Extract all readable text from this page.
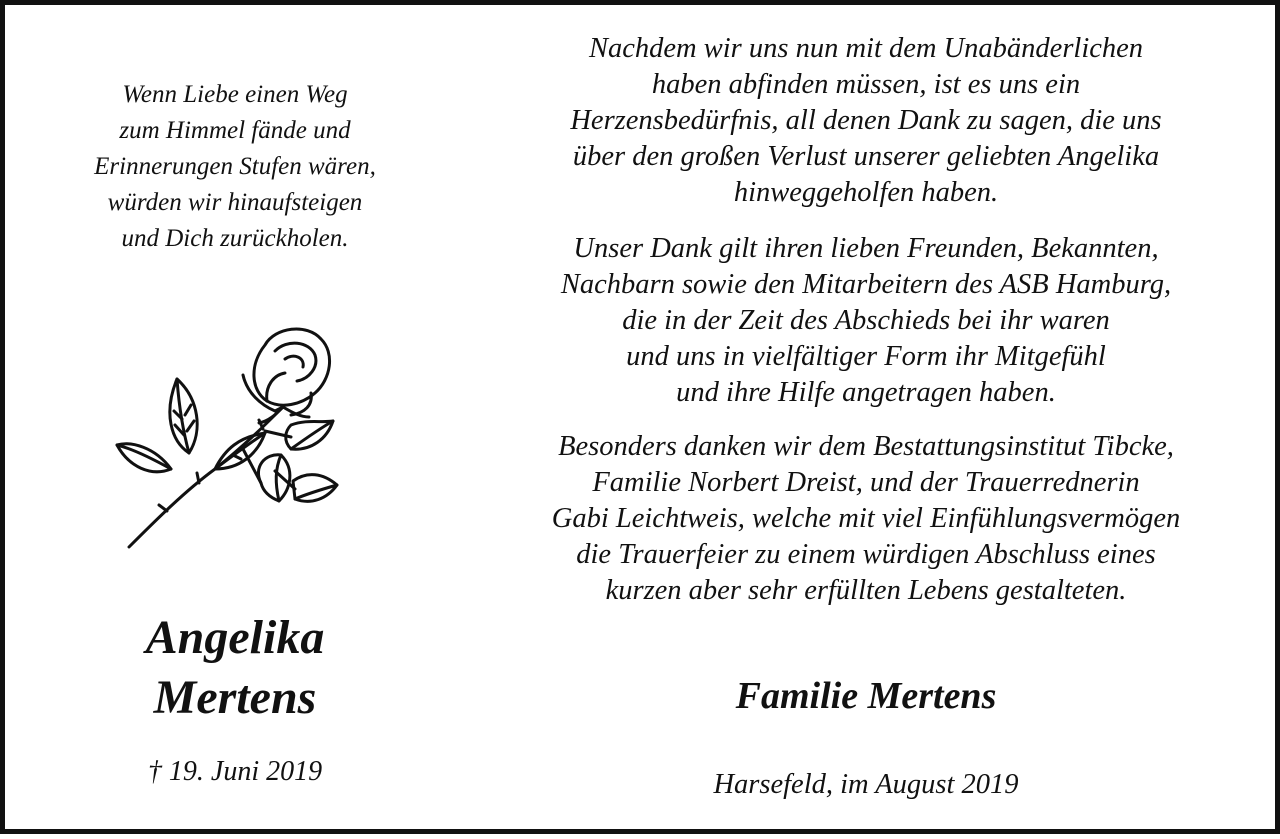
Wenn Liebe einen Weg
zum Himmel fände und
Erinnerungen Stufen wären,
würden wir hinaufsteigen
und Dich zurückholen.

Angelika
Mertens

† 19. Juni 2019

Nachdem wir uns nun mit dem Unabänderlichen
haben abfinden müssen, ist es uns ein
Herzensbedürfnis, all denen Dank zu sagen, die uns
über den großen Verlust unserer geliebten Angelika
hinweggeholfen haben.

Unser Dank gilt ihren lieben Freunden, Bekannten,
Nachbarn sowie den Mitarbeitern des ASB Hamburg,
die in der Zeit des Abschieds bei ihr waren
und uns in vielfältiger Form ihr Mitgefühl
und ihre Hilfe angetragen haben.

Besonders danken wir dem Bestattungsinstitut Tibcke,
Familie Norbert Dreist, und der Trauerrednerin
Gabi Leichtweis, welche mit viel Einfühlungsvermögen
die Trauerfeier zu einem würdigen Abschluss eines
kurzen aber sehr erfüllten Lebens gestalteten.

Familie Mertens
Harsefeld, im August 2019
